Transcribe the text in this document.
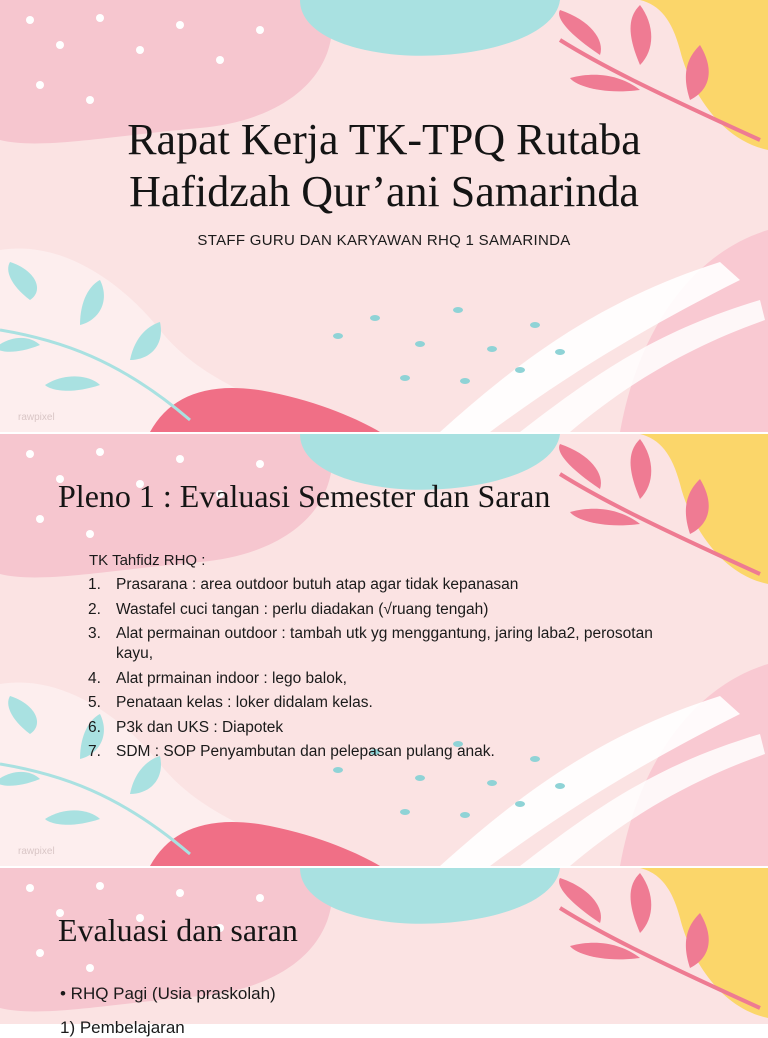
Rapat Kerja TK-TPQ Rutaba
Hafidzah Qur’ani Samarinda
STAFF GURU DAN KARYAWAN RHQ 1 SAMARINDA
rawpixel
Pleno 1 : Evaluasi Semester dan Saran
TK Tahfidz RHQ :
1. Prasarana : area outdoor butuh atap agar tidak kepanasan
2. Wastafel cuci tangan : perlu diadakan (√ruang tengah)
3. Alat permainan outdoor : tambah utk yg menggantung, jaring laba2, perosotan kayu,
4. Alat prmainan indoor : lego balok,
5. Penataan kelas : loker didalam kelas.
6. P3k dan UKS : Diapotek
7. SDM : SOP Penyambutan dan pelepasan pulang anak.
rawpixel
Evaluasi dan saran
• RHQ Pagi (Usia praskolah)
1) Pembelajaran
